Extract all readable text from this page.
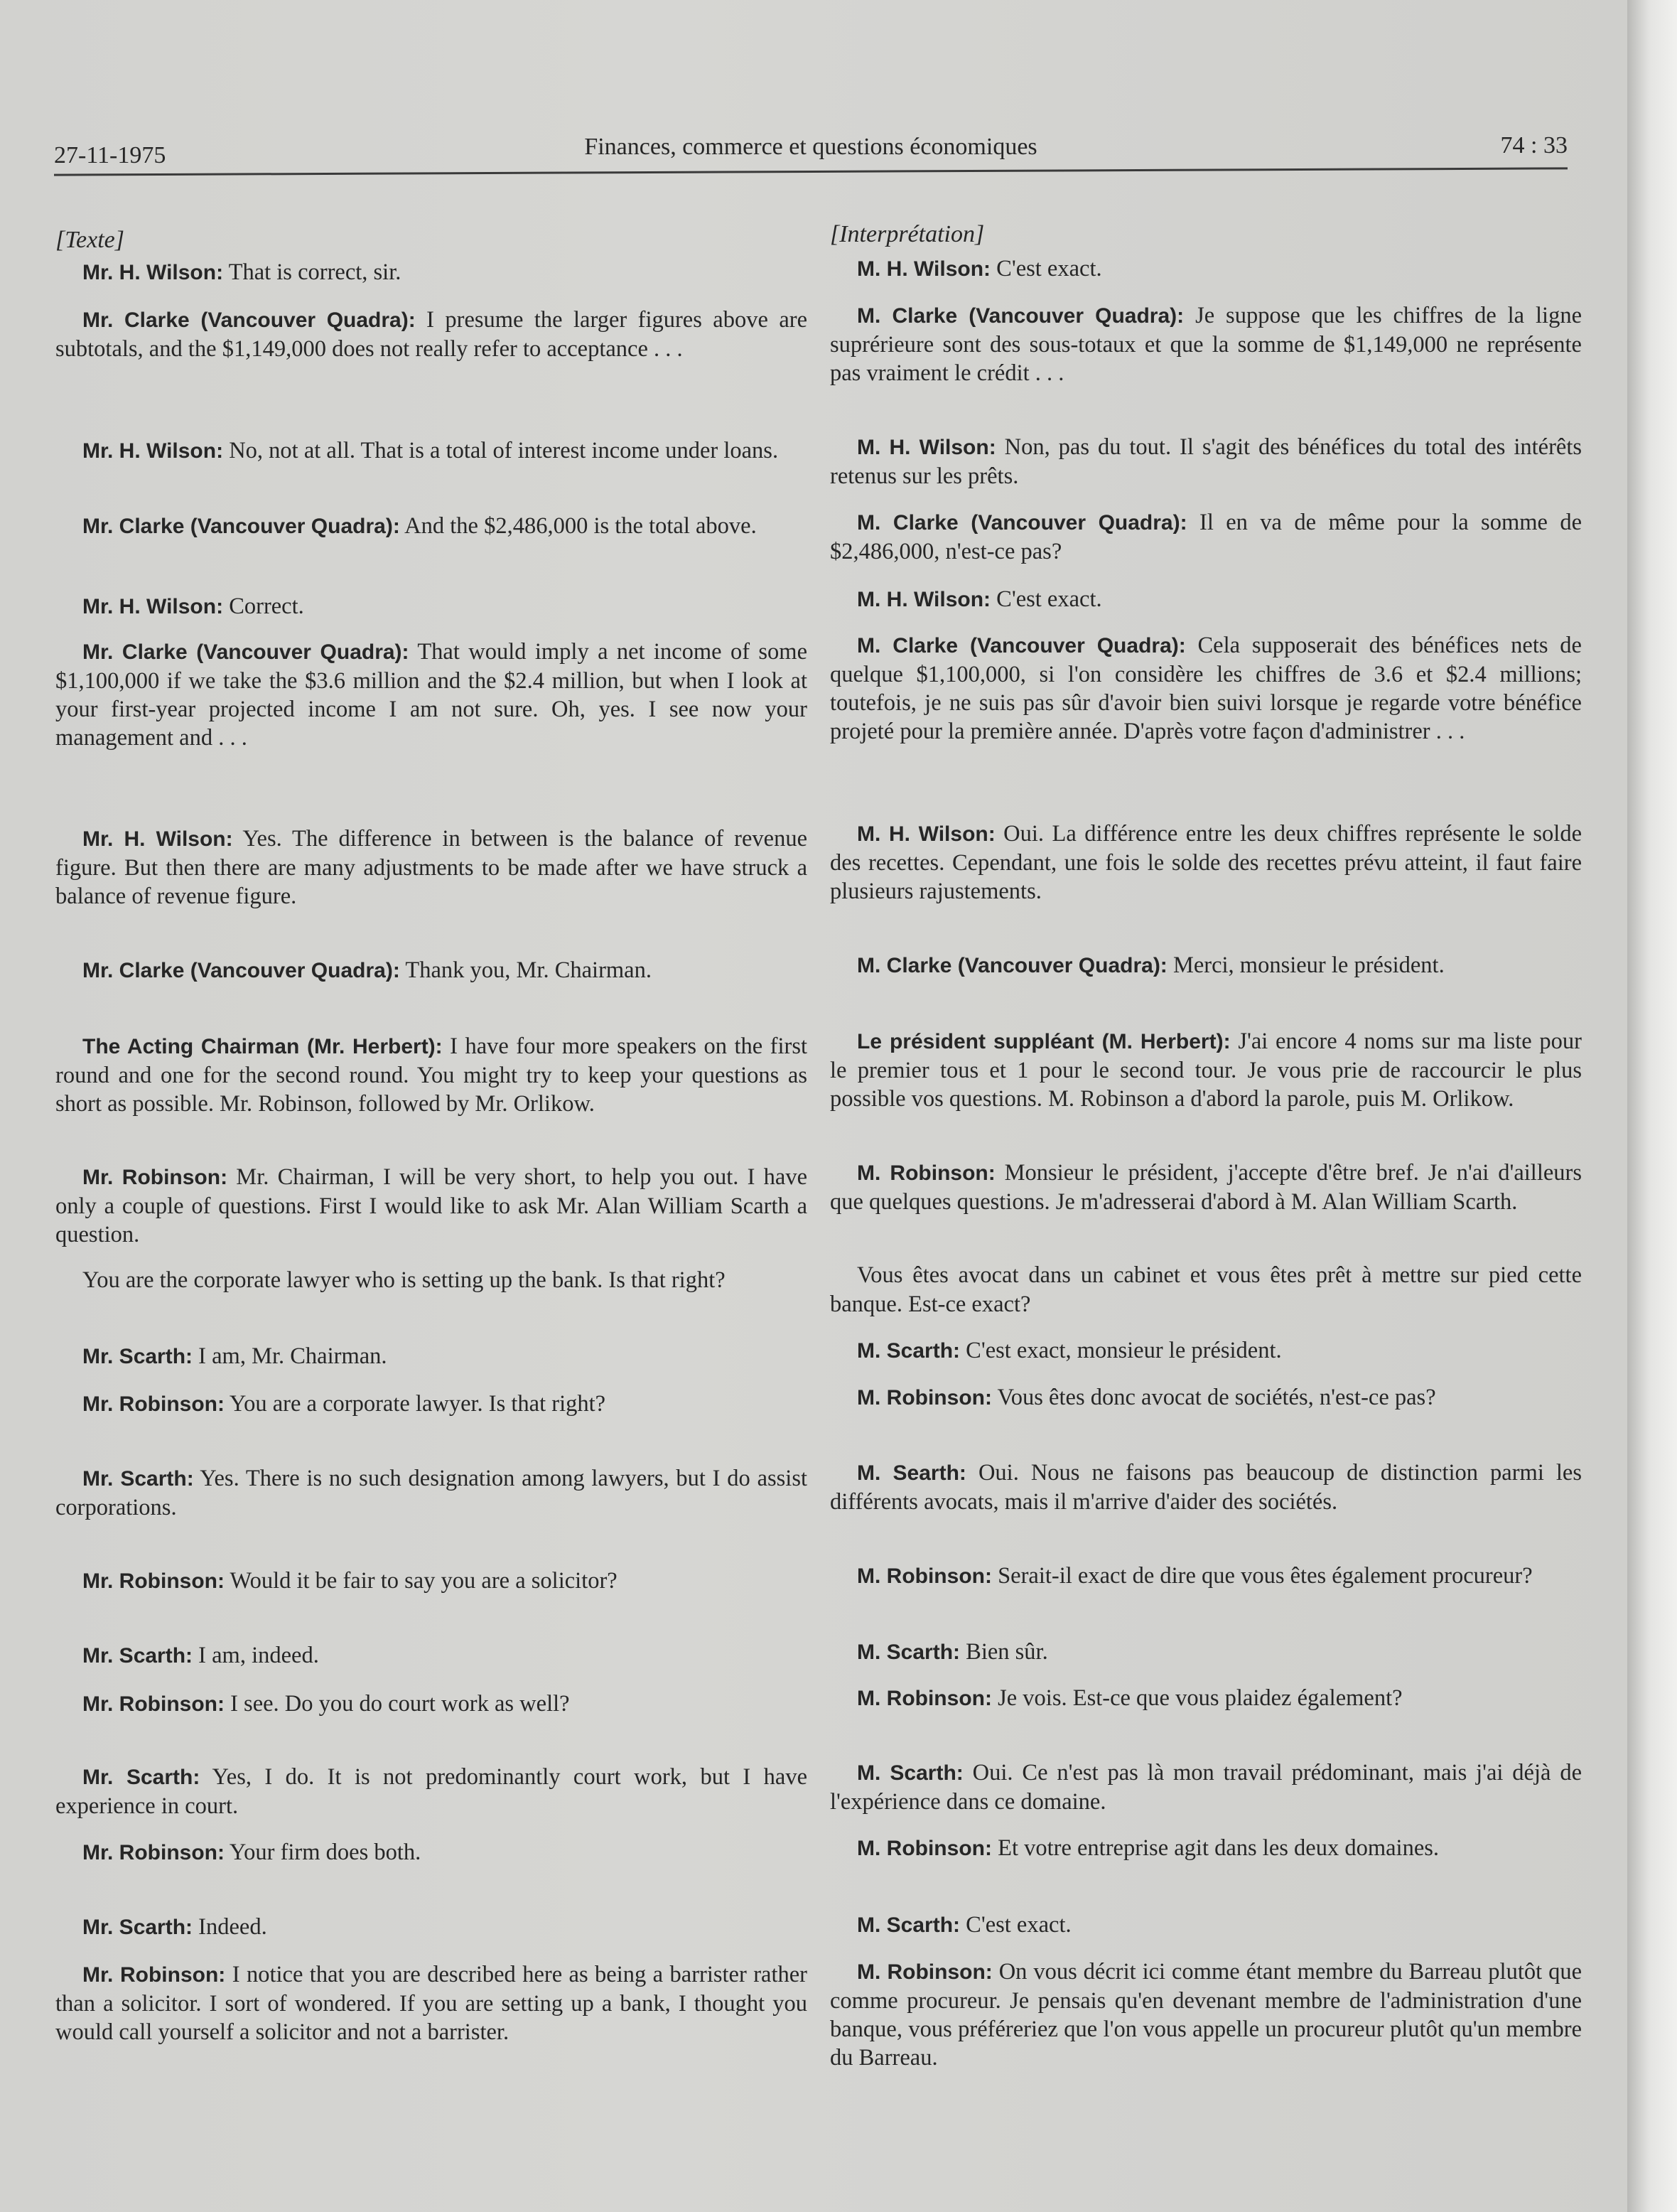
27-11-1975	Finances, commerce et questions économiques	74 : 33
[Texte]

Mr. H. Wilson: That is correct, sir.

Mr. Clarke (Vancouver Quadra): I presume the larger figures above are subtotals, and the $1,149,000 does not really refer to acceptance . . .

Mr. H. Wilson: No, not at all. That is a total of interest income under loans.

Mr. Clarke (Vancouver Quadra): And the $2,486,000 is the total above.

Mr. H. Wilson: Correct.

Mr. Clarke (Vancouver Quadra): That would imply a net income of some $1,100,000 if we take the $3.6 million and the $2.4 million, but when I look at your first-year projected income I am not sure. Oh, yes. I see now your management and . . .

Mr. H. Wilson: Yes. The difference in between is the balance of revenue figure. But then there are many adjustments to be made after we have struck a balance of revenue figure.

Mr. Clarke (Vancouver Quadra): Thank you, Mr. Chairman.

The Acting Chairman (Mr. Herbert): I have four more speakers on the first round and one for the second round. You might try to keep your questions as short as possible. Mr. Robinson, followed by Mr. Orlikow.

Mr. Robinson: Mr. Chairman, I will be very short, to help you out. I have only a couple of questions. First I would like to ask Mr. Alan William Scarth a question.

You are the corporate lawyer who is setting up the bank. Is that right?

Mr. Scarth: I am, Mr. Chairman.

Mr. Robinson: You are a corporate lawyer. Is that right?

Mr. Scarth: Yes. There is no such designation among lawyers, but I do assist corporations.

Mr. Robinson: Would it be fair to say you are a solicitor?

Mr. Scarth: I am, indeed.

Mr. Robinson: I see. Do you do court work as well?

Mr. Scarth: Yes, I do. It is not predominantly court work, but I have experience in court.

Mr. Robinson: Your firm does both.

Mr. Scarth: Indeed.

Mr. Robinson: I notice that you are described here as being a barrister rather than a solicitor. I sort of wondered. If you are setting up a bank, I thought you would call yourself a solicitor and not a barrister.

[Interprétation]

M. H. Wilson: C'est exact.

M. Clarke (Vancouver Quadra): Je suppose que les chiffres de la ligne suprérieure sont des sous-totaux et que la somme de $1,149,000 ne représente pas vraiment le crédit . . .

M. H. Wilson: Non, pas du tout. Il s'agit des bénéfices du total des intérêts retenus sur les prêts.

M. Clarke (Vancouver Quadra): Il en va de même pour la somme de $2,486,000, n'est-ce pas?

M. H. Wilson: C'est exact.

M. Clarke (Vancouver Quadra): Cela supposerait des bénéfices nets de quelque $1,100,000, si l'on considère les chiffres de 3.6 et $2.4 millions; toutefois, je ne suis pas sûr d'avoir bien suivi lorsque je regarde votre bénéfice projeté pour la première année. D'après votre façon d'administrer . . .

M. H. Wilson: Oui. La différence entre les deux chiffres représente le solde des recettes. Cependant, une fois le solde des recettes prévu atteint, il faut faire plusieurs rajustements.

M. Clarke (Vancouver Quadra): Merci, monsieur le président.

Le président suppléant (M. Herbert): J'ai encore 4 noms sur ma liste pour le premier tous et 1 pour le second tour. Je vous prie de raccourcir le plus possible vos questions. M. Robinson a d'abord la parole, puis M. Orlikow.

M. Robinson: Monsieur le président, j'accepte d'être bref. Je n'ai d'ailleurs que quelques questions. Je m'adresserai d'abord à M. Alan William Scarth.

Vous êtes avocat dans un cabinet et vous êtes prêt à mettre sur pied cette banque. Est-ce exact?

M. Scarth: C'est exact, monsieur le président.

M. Robinson: Vous êtes donc avocat de sociétés, n'est-ce pas?

M. Searth: Oui. Nous ne faisons pas beaucoup de distinction parmi les différents avocats, mais il m'arrive d'aider des sociétés.

M. Robinson: Serait-il exact de dire que vous êtes également procureur?

M. Scarth: Bien sûr.

M. Robinson: Je vois. Est-ce que vous plaidez également?

M. Scarth: Oui. Ce n'est pas là mon travail prédominant, mais j'ai déjà de l'expérience dans ce domaine.

M. Robinson: Et votre entreprise agit dans les deux domaines.

M. Scarth: C'est exact.

M. Robinson: On vous décrit ici comme étant membre du Barreau plutôt que comme procureur. Je pensais qu'en devenant membre de l'administration d'une banque, vous préféreriez que l'on vous appelle un procureur plutôt qu'un membre du Barreau.
